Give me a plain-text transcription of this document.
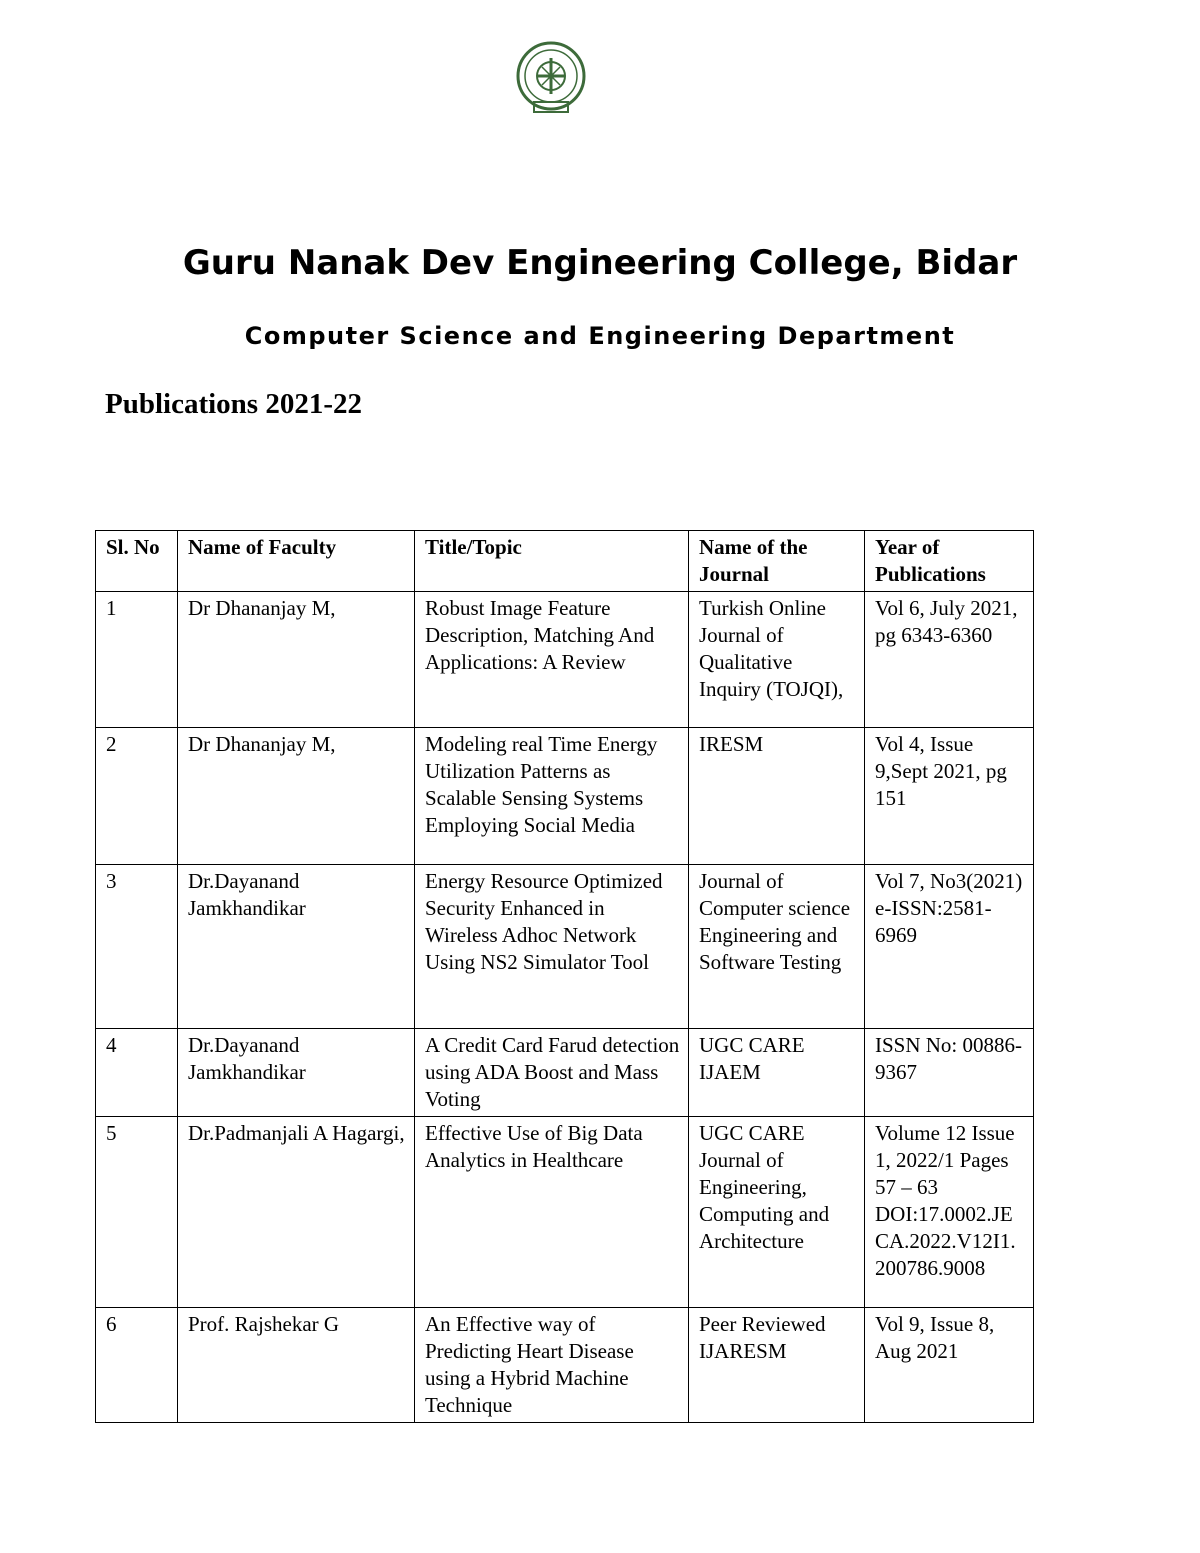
Guru Nanak Dev Engineering College, Bidar
Computer Science and Engineering Department
Publications 2021-22
Sl. No	Name of Faculty	Title/Topic	Name of the Journal	Year of Publications
1	Dr Dhananjay M,	Robust Image Feature Description, Matching And Applications: A Review	Turkish Online Journal of Qualitative Inquiry (TOJQI),	Vol 6, July 2021, pg 6343-6360
2	Dr Dhananjay M,	Modeling real Time Energy Utilization Patterns as Scalable Sensing Systems Employing Social Media	IRESM	Vol 4, Issue 9,Sept 2021, pg 151
3	Dr.Dayanand Jamkhandikar	Energy Resource Optimized Security Enhanced in Wireless Adhoc Network Using NS2 Simulator Tool	Journal of Computer science Engineering and Software Testing	Vol 7, No3(2021) e-ISSN:2581-6969
4	Dr.Dayanand Jamkhandikar	A Credit Card Farud detection using ADA Boost and Mass Voting	UGC CARE IJAEM	ISSN No: 00886-9367
5	Dr.Padmanjali A Hagargi,	Effective Use of Big Data Analytics in Healthcare	UGC CARE Journal of Engineering, Computing and Architecture	Volume 12 Issue 1, 2022/1 Pages 57 – 63 DOI:17.0002.JECA.2022.V12I1.200786.9008
6	Prof. Rajshekar G	An Effective way of Predicting Heart Disease using a Hybrid Machine Technique	Peer Reviewed IJARESM	Vol 9, Issue 8, Aug 2021
